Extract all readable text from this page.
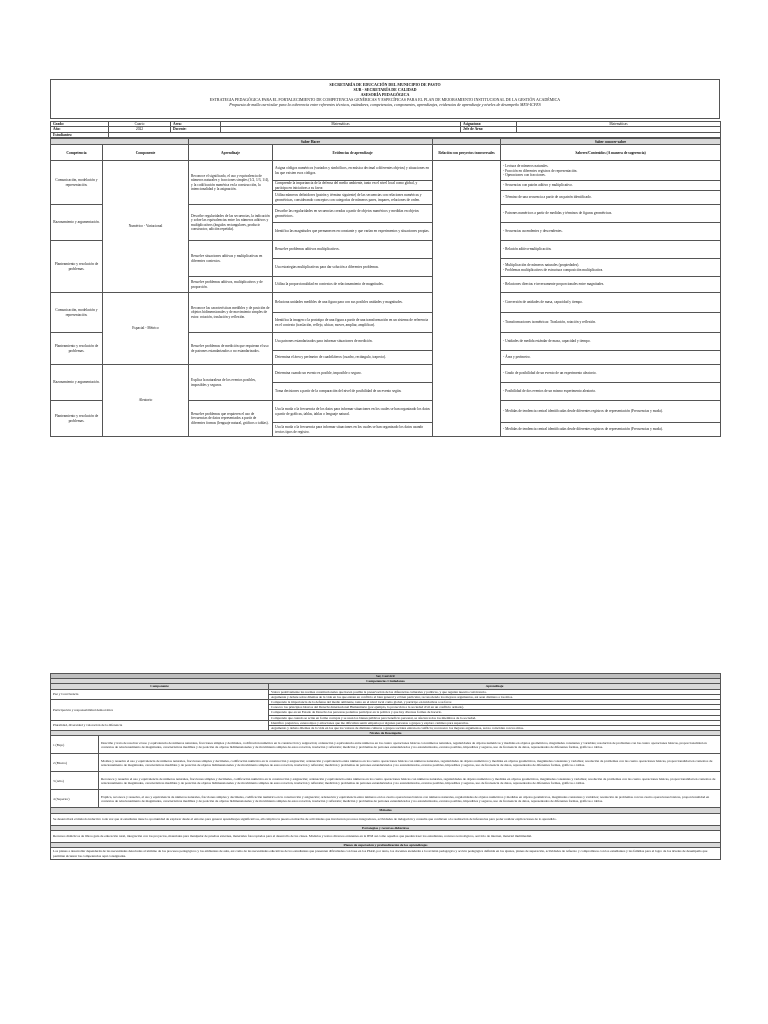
SECRETARÍA DE EDUCACIÓN DEL MUNICIPIO DE PASTO
SUB - SECRETARÍA DE CALIDAD
ASESORÍA PEDAGÓGICA
ESTRATEGIA PEDAGÓGICA PARA EL FORTALECIMIENTO DE COMPETENCIAS GENÉRICAS Y ESPECÍFICAS PARA EL PLAN DE MEJORAMIENTO INSTITUCIONAL DE LA GESTIÓN ACADÉMICA
Propuesta de malla curricular para la coherencia entre referentes técnicos, estándares, competencias, componentes, aprendizajes, evidencias de aprendizaje y niveles de desempeño MEN-ICFES
Grado:	Cuarto	Área:	Matemáticas	Asignatura:	Matemáticas
Año:	2022	Docente:		Jefe de Área:	
Estudiantes:					
		Saber Hacer			Saber conocer-saber
Competencia	Componente	Aprendizaje	Evidencias de aprendizaje	Relación con proyectos transversales	Saberes/Contenidos (A manera de sugerencia)
Comunicación, modelación y representación.	Numérico - Variacional	Reconoce el significado, el uso y equivalencia de números naturales y fracciones simples (1/2, 1/3, 1/4), y la codificación numérica en la construcción, la intencionalidad y la asignación.	Asigna códigos numéricos (variados y simbólicos, en música decimal a diferentes objetos) y situaciones en las que existen esos códigos.		- Lectura de números naturales.
- Fracción en diferentes registros de representación.
- Operaciones con fracciones.
			Comprende la importancia de la defensa del medio ambiente, tanto en el nivel local como global, y participa en iniciativas a su favor.		- Secuencias con patrón aditivo y multiplicativo.
			Utiliza números definidores (patrón y término siguiente) de las secuencias con relaciones numéricas y geométricas, considerando conceptos con categorías de números pares, impares, relaciones de orden.		- Término de una secuencia a partir de un patrón identificado.
Razonamiento y argumentación.		Describe regularidades de las secuencias, la indicación y sobre las equivalencias entre los números aditivos y multiplicativos (ángulos rectangulares, producir constructor, adición repetida).	Describe las regularidades en secuencias creadas a partir de objetos numéricos y medidas en objetos geométricos.		- Patrones numéricos a partir de medidas y términos de figuras geométricas.
			Identifica las magnitudes que permanecen en constante y que varían en experimentos y situaciones propias.		- Secuencias ascendentes y descendentes.
Planteamiento y resolución de problemas.		Resuelve situaciones aditivas y multiplicativas en diferentes contextos.	Resuelve problemas aditivos multiplicativos.		- Relación aditiva-multiplicación.
			Usa estrategias multiplicativas para dar solución a diferentes problemas.		- Multiplicación de números naturales (propiedades).
- Problemas multiplicativos de estructura composición multiplicativa.
		Resuelve problemas aditivos, multiplicativos y de proporción.	Utiliza la proporcionalidad en contextos de relacionamiento de magnitudes.		- Relaciones directas e inversamente proporcionales entre magnitudes.
Comunicación, modelación y representación.	Espacial - Métrico	Reconoce las características medibles y de posición de objetos bidimensionales y de movimiento simples de estos: rotación, traslación y reflexión.	Relaciona unidades medibles de una figura para con sus posibles unidades y magnitudes.		- Conversión de unidades de masa, capacidad y tiempo.
			Identifica la imagen o la prototipo de una figura a partir de una transformación en un sistema de referencia en el contexto (traslación, reflejo, ubicar, mover, ampliar, amplificar).		- Transformaciones isométricas: Traslación, rotación y reflexión.
Planteamiento y resolución de problemas.		Resuelve problemas de medición que requieran el uso de patrones estandarizados o no estandarizados.	Usa patrones estandarizados para informar situaciones de medición.		- Unidades de medida estándar de masa, capacidad y tiempo.
			Determina el área y perímetro de cuadriláteros (cuadro, rectángulo, trapecio).		- Área y perímetro.
Razonamiento y argumentación.	Aleatorio	Explica la naturaleza de los eventos posibles, imposibles y seguros.	Determina cuando un evento es posible, imposible o seguro.		- Grado de posibilidad de un evento de un experimento aleatorio.
			Toma decisiones a partir de la comparación del nivel de posibilidad de un evento según.		- Posibilidad de dos eventos de un mismo experimento aleatorio.
Planteamiento y resolución de problemas.		Resuelve problemas que requieren el uso de frecuencias de datos representados a partir de diferentes formas (lenguaje natural, gráficos o tablas).	Usa la moda o la frecuencia de los datos para informar situaciones en los cuales se han organizado los datos a partir de gráficas, tablas, tablas o lenguaje natural.		- Medidas de tendencia central identificadas desde diferentes registros de representación (Frecuencias y moda).
			Usa la moda o la frecuencia para informar situaciones en los cuales se han organizado los datos usando tercios tipos de registro.		- Medidas de tendencia central identificadas desde diferentes registros de representación (Frecuencias y moda).
Ser, Convivir		
Competencias Ciudadanas		
Componente		Aprendizaje
Paz y Convivencia		Valora positivamente las normas constitucionales que hacen posible la preservación de las diferencias culturales y políticas, y que regulan nuestra convivencia.
		Argumenta y debate sobre dilemas de la vida en los que entran en conflicto el bien general y el bien particular, reconociendo los mejores argumentos, así sean distintos a los míos.
Participación y responsabilidad democrática		Comprendo la importancia de la defensa del medio ambiente, tanto en el nivel local como global, y participo en iniciativas a su favor.
		Conozco los principios básicos del Derecho Internacional Humanitario (por ejemplo, la protección a la sociedad civil en un conflicto armado).
		Comprendo que en un Estado de Derecho las personas podemos participar en la política y que hay diversas formas de hacerlo.
		Comprendo que cuando se actúa en forma corrupta y se usan los bienes públicos para beneficio personal, se afectan todos los miembros de la sociedad.
Pluralidad, diversidad y valoración de la diferencia		Identifico prejuicios, estereotipos y emociones que me dificultan sentir empatía por algunas personas o grupos y exploro caminos para superarlos.
		Argumento y debato dilemas de la vida en los que los valores de distintas culturas o grupos sociales entran en conflicto; reconozco los mejores argumentos, así no coincidan con los míos.
Niveles de Desempeño		
1 (Bajo)	Describe y trata de resolver el uso y equivalencia de números naturales, fracciones simples y decimales, codificación numérica en la construcción y asignación; ordenación y equivalencia entre números en los cuatro operaciones básicas con números naturales, regularidades de objetos numéricos y medidas en objetos geométricos, magnitudes constantes y variables; resolución de problemas con las cuatro operaciones básicas, proporcionalidad en contextos de relacionamiento de magnitudes, características medibles y de posición de objetos bidimensionales y de movimiento simples de estos rotación, traslación y reflexión; medición y problemas de patrones estandarizados y no estandarizados, eventos posibles, imposibles y seguros, uso de frecuencia de datos, representados de diferentes formas, gráficos o tablas.	
2 (Básico)	Moldea y resuelve el uso y equivalencia de números naturales, fracciones simples y decimales, codificación numérica en la construcción y asignación; ordenación y equivalencia entre números en los cuatro operaciones básicas con números naturales, regularidades de objetos numéricos y medidas en objetos geométricos, magnitudes constantes y variables; resolución de problemas con las cuatro operaciones básicas, proporcionalidad en contextos de relacionamiento de magnitudes, características medibles y de posición de objetos bidimensionales y de movimiento simples de estos rotación, traslación y reflexión; medición y problemas de patrones estandarizados y no estandarizados, eventos posibles, imposibles y seguros, uso de frecuencia de datos, representados de diferentes formas, gráficos o tablas.	
3 (Alto)	Reconoce y resuelve el uso y equivalencia de números naturales, fracciones simples y decimales, codificación numérica en la construcción y asignación; ordenación y equivalencia entre números en los cuatro operaciones básicas con números naturales, regularidades de objetos numéricos y medidas en objetos geométricos, magnitudes constantes y variables; resolución de problemas con las cuatro operaciones básicas, proporcionalidad en contextos de relacionamiento de magnitudes, características medibles y de posición de objetos bidimensionales y de movimiento simples de estos rotación, traslación y reflexión; medición y problemas de patrones estandarizados y no estandarizados, eventos posibles, imposibles y seguros, uso de frecuencia de datos, representados de diferentes formas, gráficos o tablas.	
4 (Superior)	Explica, reconoce y resuelve, el uso y equivalencia de números naturales, fracciones simples y decimales, codificación numérica en la construcción y asignación; ordenación y equivalencia entre números en los cuatro operaciones básicas con números naturales, regularidades de objetos numéricos y medidas en objetos geométricos, magnitudes constantes y variables; resolución de problemas con las cuatro operaciones básicas, proporcionalidad en contextos de relacionamiento de magnitudes, características medibles y de posición de objetos bidimensionales y de movimiento simples de estos rotación, traslación y reflexión; medición y problemas de patrones estandarizados y no estandarizados, eventos posibles, imposibles y seguros, uso de frecuencia de datos, representados de diferentes formas, gráficos o tablas.	
Métodos		
Se desarrollará el método inductivo toda vez que al estudiante tiene la oportunidad de explorar desde el entorno para generar aprendizajes significativos, ello implica la puesta en marcha de actividades que involucren procesos integradores, actividades de indagación y consulta que conlleven a la realización de inferencias para poder realizar explicaciones de lo aprendido.		
Estrategias y recursos didácticos		
Recursos didácticos de libros guía de educación rural, integración con los proyectos, materiales para manipular de pruebas externas, materiales fotocopiados para el desarrollo de las clases. Módulos y textos diversos existentes en la IEM así como aquellos que puedan traer los estudiantes, recursos tecnológicos, servicio de internet, material multimedial.		
Planes de superación y profundización de los aprendizajes		
Los planes a desarrollar dependerán de las necesidades detectadas al término de los procesos pedagógicos y los ambientes de aula, así como de las necesidades educativas de los estudiantes que presenten dificultades con base en los PIAR, por tanto, los docentes atenderán a la revisión pedagógica y acción pedagógica definida en los ajustes, planes de superación, actividades de refuerzo y compromisos con los estudiantes y las familias para el logro de los niveles de desempeño que permitan alcanzar las competencias aquí consignadas.		
